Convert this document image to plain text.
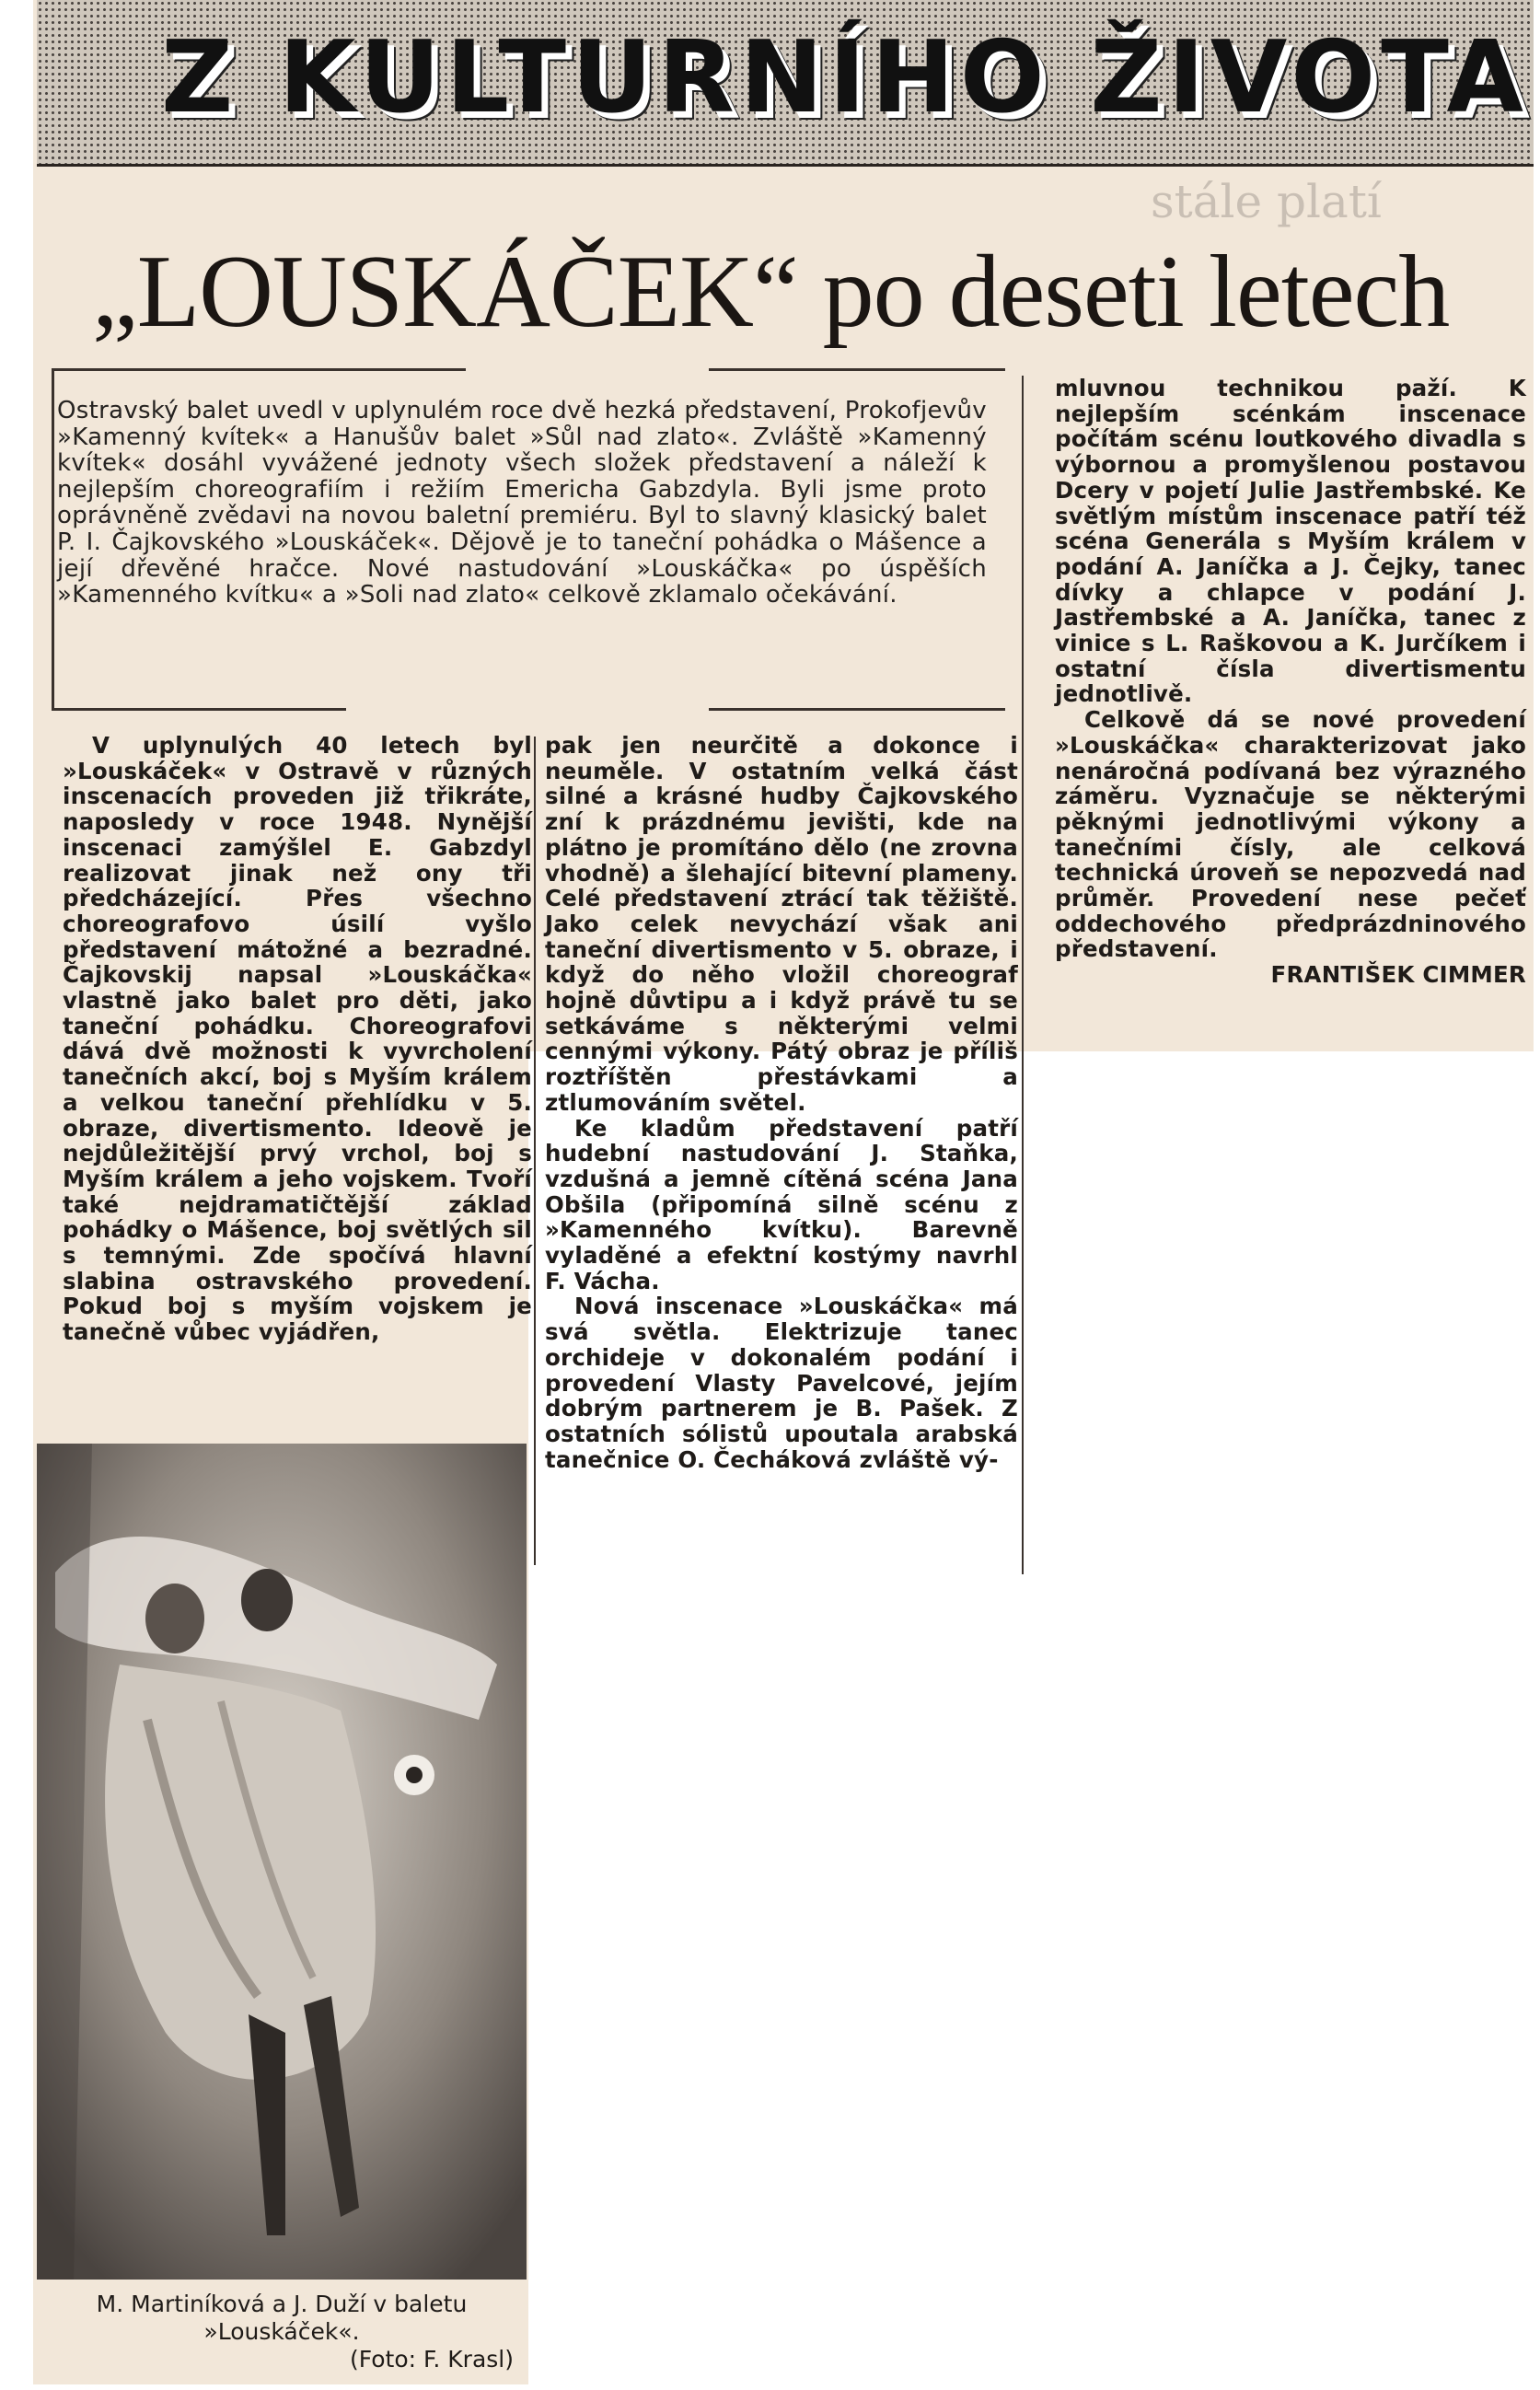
Z KULTURNÍHO ŽIVOTA
stále platí
„LOUSKÁČEK“ po deseti letech
Ostravský balet uvedl v uplynulém roce dvě hezká představení, Prokofjevův »Kamenný kvítek« a Hanušův balet »Sůl nad zlato«. Zvláště »Kamenný kvítek« dosáhl vyvážené jednoty všech složek představení a náleží k nejlepším choreografiím i režiím Emericha Gabzdyla. Byli jsme proto oprávněně zvědavi na novou baletní premiéru. Byl to slavný klasický balet P. I. Čajkovského »Louskáček«. Dějově je to taneční pohádka o Mášence a její dřevěné hračce. Nové nastudování »Louskáčka« po úspěších »Kamenného kvítku« a »Soli nad zlato« celkově zklamalo očekávání.

V uplynulých 40 letech byl »Louskáček« v Ostravě v různých inscenacích proveden již třikráte, naposledy v roce 1948. Nynější inscenaci zamýšlel E. Gabzdyl realizovat jinak než ony tři předcházející. Přes všechno choreografovo úsilí vyšlo představení mátožné a bezradné. Čajkovskij napsal »Louskáčka« vlastně jako balet pro děti, jako taneční pohádku. Choreografovi dává dvě možnosti k vyvrcholení tanečních akcí, boj s Myším králem a velkou taneční přehlídku v 5. obraze, divertismento. Ideově je nejdůležitější prvý vrchol, boj s Myším králem a jeho vojskem. Tvoří také nejdramatičtější základ pohádky o Mášence, boj světlých sil s temnými. Zde spočívá hlavní slabina ostravského provedení. Pokud boj s myším vojskem je tanečně vůbec vyjádřen,

pak jen neurčitě a dokonce i neuměle. V ostatním velká část silné a krásné hudby Čajkovského zní k prázdnému jevišti, kde na plátno je promítáno dělo (ne zrovna vhodně) a šlehající bitevní plameny. Celé představení ztrácí tak těžiště. Jako celek nevychází však ani taneční divertismento v 5. obraze, i když do něho vložil choreograf hojně důvtipu a i když právě tu se setkáváme s některými velmi cennými výkony. Pátý obraz je příliš roztříštěn přestávkami a ztlumováním světel.

Ke kladům představení patří hudební nastudování J. Staňka, vzdušná a jemně cítěná scéna Jana Obšila (připomíná silně scénu z »Kamenného kvítku). Barevně vyladěné a efektní kostýmy navrhl F. Vácha.

Nová inscenace »Louskáčka« má svá světla. Elektrizuje tanec orchideje v dokonalém podání i provedení Vlasty Pavelcové, jejím dobrým partnerem je B. Pašek. Z ostatních sólistů upoutala arabská tanečnice O. Čecháková zvláště vý-

mluvnou technikou paží. K nejlepším scénkám inscenace počítám scénu loutkového divadla s výbornou a promyšlenou postavou Dcery v pojetí Julie Jastřembské. Ke světlým místům inscenace patří též scéna Generála s Myším králem v podání A. Janíčka a J. Čejky, tanec dívky a chlapce v podání J. Jastřembské a A. Janíčka, tanec z vinice s L. Raškovou a K. Jurčíkem i ostatní čísla divertismentu jednotlivě.

Celkově dá se nové provedení »Louskáčka« charakterizovat jako nenáročná podívaná bez výrazného záměru. Vyznačuje se některými pěknými jednotlivými výkony a tanečními čísly, ale celková technická úroveň se nepozvedá nad průměr. Provedení nese pečeť oddechového předprázdninového představení.

FRANTIŠEK CIMMER
M. Martiníková a J. Duží v baletu »Louskáček«.
(Foto: F. Krasl)
